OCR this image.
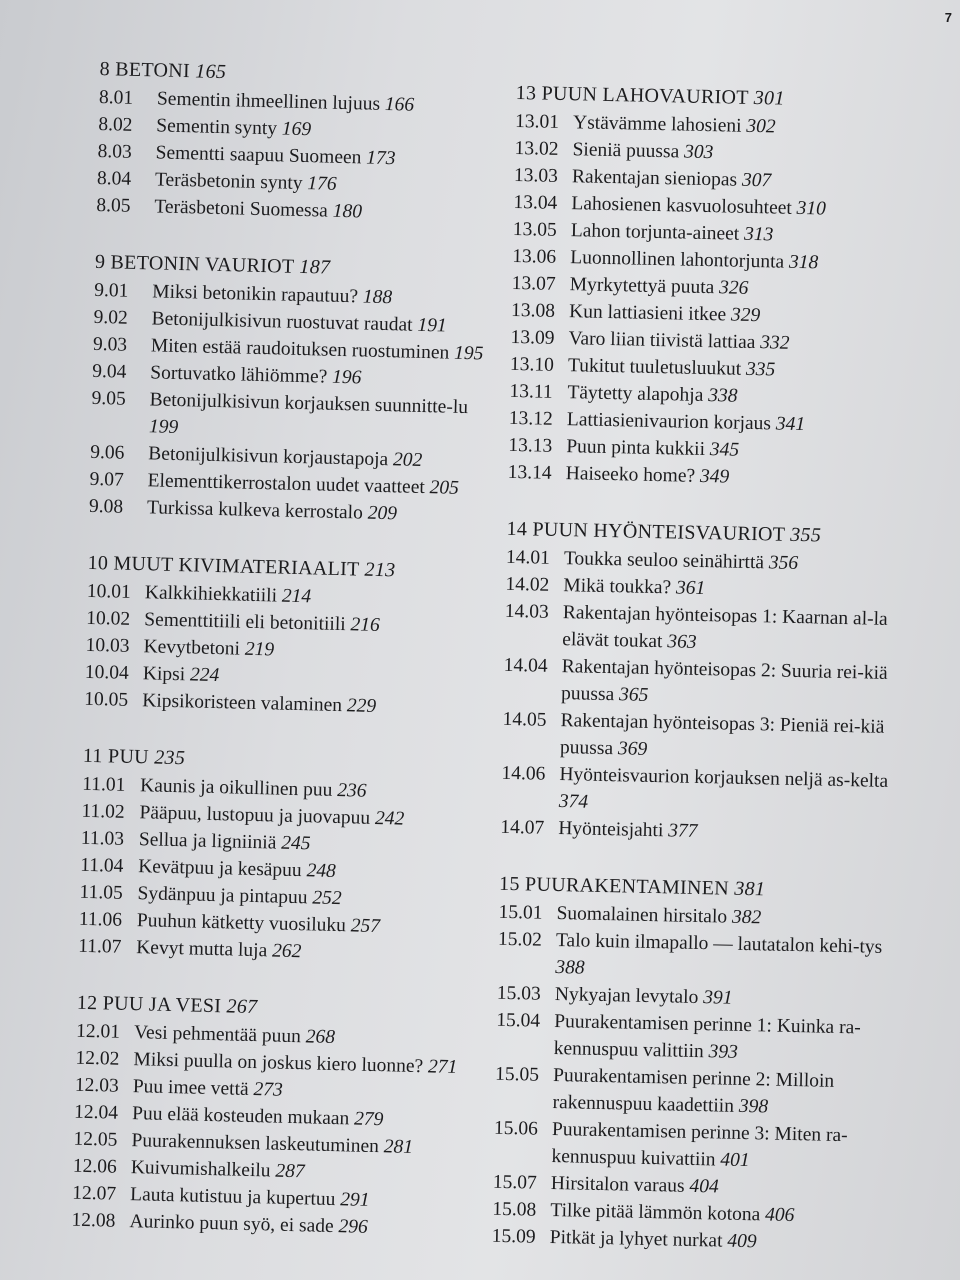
7
8 BETONI 165
8.01	Sementin ihmeellinen lujuus 166
8.02	Sementin synty 169
8.03	Sementti saapuu Suomeen 173
8.04	Teräsbetonin synty 176
8.05	Teräsbetoni Suomessa 180
9 BETONIN VAURIOT 187
9.01	Miksi betonikin rapautuu? 188
9.02	Betonijulkisivun ruostuvat raudat 191
9.03	Miten estää raudoituksen ruostuminen 195
9.04	Sortuvatko lähiömme? 196
9.05	Betonijulkisivun korjauksen suunnitte-lu 199
9.06	Betonijulkisivun korjaustapoja 202
9.07	Elementtikerrostalon uudet vaatteet 205
9.08	Turkissa kulkeva kerrostalo 209
10 MUUT KIVIMATERIAALIT 213
10.01 Kalkkihiekkatiili 214
10.02 Sementtitiili eli betonitiili 216
10.03 Kevytbetoni 219
10.04 Kipsi 224
10.05 Kipsikoristeen valaminen 229
11 PUU 235
11.01 Kaunis ja oikullinen puu 236
11.02 Pääpuu, lustopuu ja juovapuu 242
11.03 Sellua ja ligniiniä 245
11.04 Kevätpuu ja kesäpuu 248
11.05 Sydänpuu ja pintapuu 252
11.06 Puuhun kätketty vuosiluku 257
11.07 Kevyt mutta luja 262
12 PUU JA VESI 267
12.01 Vesi pehmentää puun 268
12.02 Miksi puulla on joskus kiero luonne? 271
12.03 Puu imee vettä 273
12.04 Puu elää kosteuden mukaan 279
12.05 Puurakennuksen laskeutuminen 281
12.06 Kuivumishalkeilu 287
12.07 Lauta kutistuu ja kupertuu 291
12.08 Aurinko puun syö, ei sade 296
13 PUUN LAHOVAURIOT 301
13.01 Ystävämme lahosieni 302
13.02 Sieniä puussa 303
13.03 Rakentajan sieniopas 307
13.04 Lahosienen kasvuolosuhteet 310
13.05 Lahon torjunta-aineet 313
13.06 Luonnollinen lahontorjunta 318
13.07 Myrkytettyä puuta 326
13.08 Kun lattiasieni itkee 329
13.09 Varo liian tiivistä lattiaa 332
13.10 Tukitut tuuletusluukut 335
13.11 Täytetty alapohja 338
13.12 Lattiasienivaurion korjaus 341
13.13 Puun pinta kukkii 345
13.14 Haiseeko home? 349
14 PUUN HYÖNTEISVAURIOT 355
14.01 Toukka seuloo seinähirttä 356
14.02 Mikä toukka? 361
14.03 Rakentajan hyönteisopas 1: Kaarnan al-la elävät toukat 363
14.04 Rakentajan hyönteisopas 2: Suuria rei-kiä puussa 365
14.05 Rakentajan hyönteisopas 3: Pieniä rei-kiä puussa 369
14.06 Hyönteisvaurion korjauksen neljä as-kelta 374
14.07 Hyönteisjahti 377
15 PUURAKENTAMINEN 381
15.01 Suomalainen hirsitalo 382
15.02 Talo kuin ilmapallo — lautatalon kehi-tys 388
15.03 Nykyajan levytalo 391
15.04 Puurakentamisen perinne 1: Kuinka ra-kennuspuu valittiin 393
15.05 Puurakentamisen perinne 2: Milloin rakennuspuu kaadettiin 398
15.06 Puurakentamisen perinne 3: Miten ra-kennuspuu kuivattiin 401
15.07 Hirsitalon varaus 404
15.08 Tilke pitää lämmön kotona 406
15.09 Pitkät ja lyhyet nurkat 409
